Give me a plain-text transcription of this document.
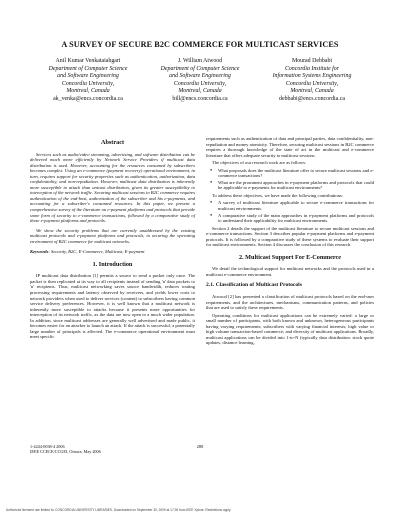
A SURVEY OF SECURE B2C COMMERCE FOR MULTICAST SERVICES
Anil Kumar Venkataiahgari
Department of Computer Science
and Software Engineering
Concordia University,
Montreal, Canada
ak_venka@encs.concordia.ca
J. William Atwood
Department of Computer Science
and Software Engineering
Concordia University,
Montreal, Canada
bill@encs.concordia.ca
Mourad Debbabi
Concordia Institute for
Information Systems Engineering
Concordia University,
Montreal, Canada
debbabi@encs.concordia.ca
Abstract

Services such as audio/video streaming, advertising, and software distribution can be delivered much more efficiently by Network Service Providers if multicast data distribution is used. However, accounting for the resources consumed by subscribers becomes complex. Using an e-commerce (payment recovery) operational environment, in turn, requires support for security properties such as authentication, authorization, data confidentiality, and non-repudiation. However, multicast data distribution is inherently more susceptible to attack than unicast distribution, given its greater susceptibility to interception of the network traffic. Securing multicast sessions in B2C commerce requires authentication of the end-host, authorization of the subscriber and his e-payments, and accounting for a subscriber's consumed resources. In this paper, we present a comprehensive survey of the literature on e-payment platforms and protocols that provide some form of security to e-commerce transactions, followed by a comparative study of these e-payment platforms and protocols.

We show the security problems that are currently unaddressed by the existing multicast protocols and e-payment platforms and protocols, in securing the operating environment of B2C commerce for multicast networks.

Keywords: Security, B2C, E-Commerce, Multicast, E-payment
1. Introduction

IP multicast data distribution [1] permits a source to send a packet only once. The packet is then replicated at its way to all recipients instead of sending 'n' data packets to 'n' recipients. Thus, multicast networking saves source bandwidth, reduces routing processing requirements and latency observed by receivers, and yields lower costs to network providers when used to deliver services (content) to subscribers having common service delivery preferences. However, it is well known that a multicast network is inherently more susceptible to attacks because it presents more opportunities for interception of its network traffic, as the data are now open to a much wider population. In addition, since multicast addresses are generally well advertised and made public, it becomes easier for an attacker to launch an attack. If the attack is successful, a potentially large number of principals is affected. The e-commerce operational environment must meet specific

requirements such as authentication of data and principal parties, data confidentiality, non-repudiation and money atomicity. Therefore, securing multicast sessions in B2C commerce requires a thorough knowledge of the state of art in the multicast and e-commerce literature that offers adequate security to multicast sessions.

The objectives of our research work are as follows:

● What proposals does the multicast literature offer to secure multicast sessions and e-commerce transactions?
● What are the prominent approaches in e-payment platforms and protocols that could be applicable to e-payments for multicast environments?

To address these objectives, we have made the following contributions:

● A survey of multicast literature applicable to secure e-commerce transactions for multicast environments.
● A comparative study of the main approaches in e-payment platforms and protocols to understand their applicability for multicast environments.

Section 2 details the support of the multicast literature to secure multicast sessions and e-commerce transactions. Section 3 describes popular e-payment platforms and e-payment protocols. It is followed by a comparative study of these systems to evaluate their support for multicast environments. Section 4 discusses the conclusion of this research.

2. Multicast Support For E-Commerce

We detail the technological support for multicast networks and the protocols used in a multicast e-commerce environment.

2.1. Classification of Multicast Protocols

Atwood [2] has presented a classification of multicast protocols based on the end-user requirements, and the architectures, mechanisms, communication patterns, and policies that are used to satisfy these requirements.

Operating conditions for multicast applications can be extremely varied: a large or small number of participants, with both known and unknown, heterogeneous participants having varying requirements; subscribers with varying financial interests; high value or high volume transaction-based commerce; and diversity of multicast applications. Broadly, multicast applications can be divided into 1-to-N (typically data distribution: stock quote updates, distance learning,

1-4244-0038-4 2006
IEEE CCECE/CCGEI, Ottawa, May 2006
288
Authorized licensed use limited to: CONCORDIA UNIVERSITY LIBRARIES. Downloaded on September 30, 2009 at 17:26 from IEEE Xplore. Restrictions apply.
